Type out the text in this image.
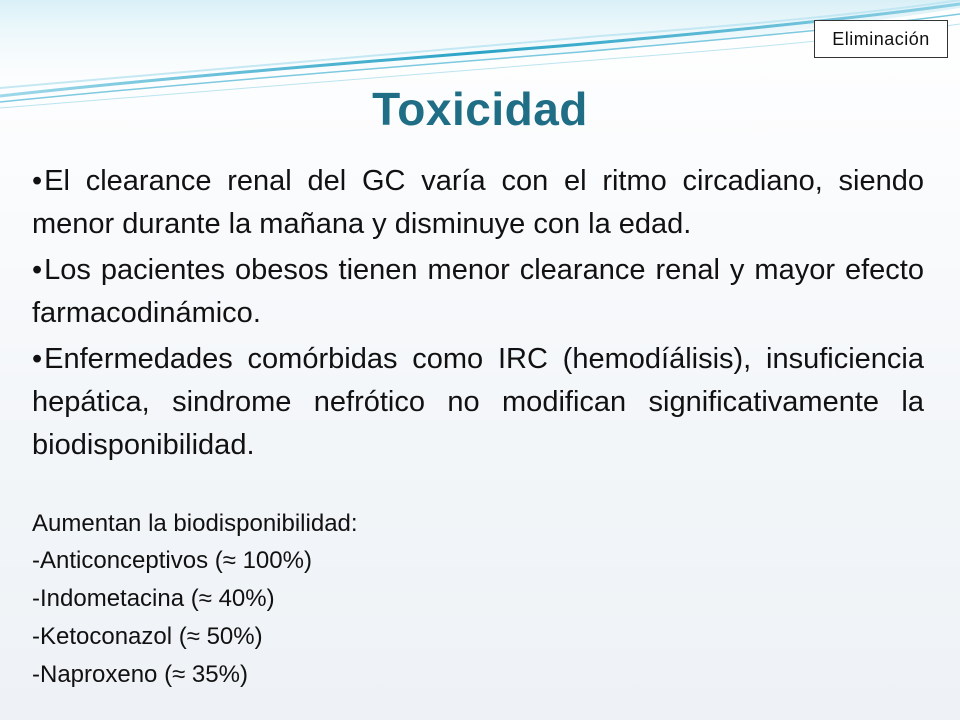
Eliminación
Toxicidad
•El clearance renal del GC varía con el ritmo circadiano, siendo menor durante la mañana y disminuye con la edad.
•Los pacientes obesos tienen menor clearance renal y mayor efecto farmacodinámico.
•Enfermedades comórbidas como IRC (hemodíálisis), insuficiencia hepática, sindrome nefrótico no modifican significativamente la biodisponibilidad.
Aumentan la biodisponibilidad:
-Anticonceptivos (≈ 100%)
-Indometacina (≈ 40%)
-Ketoconazol (≈ 50%)
-Naproxeno (≈ 35%)
